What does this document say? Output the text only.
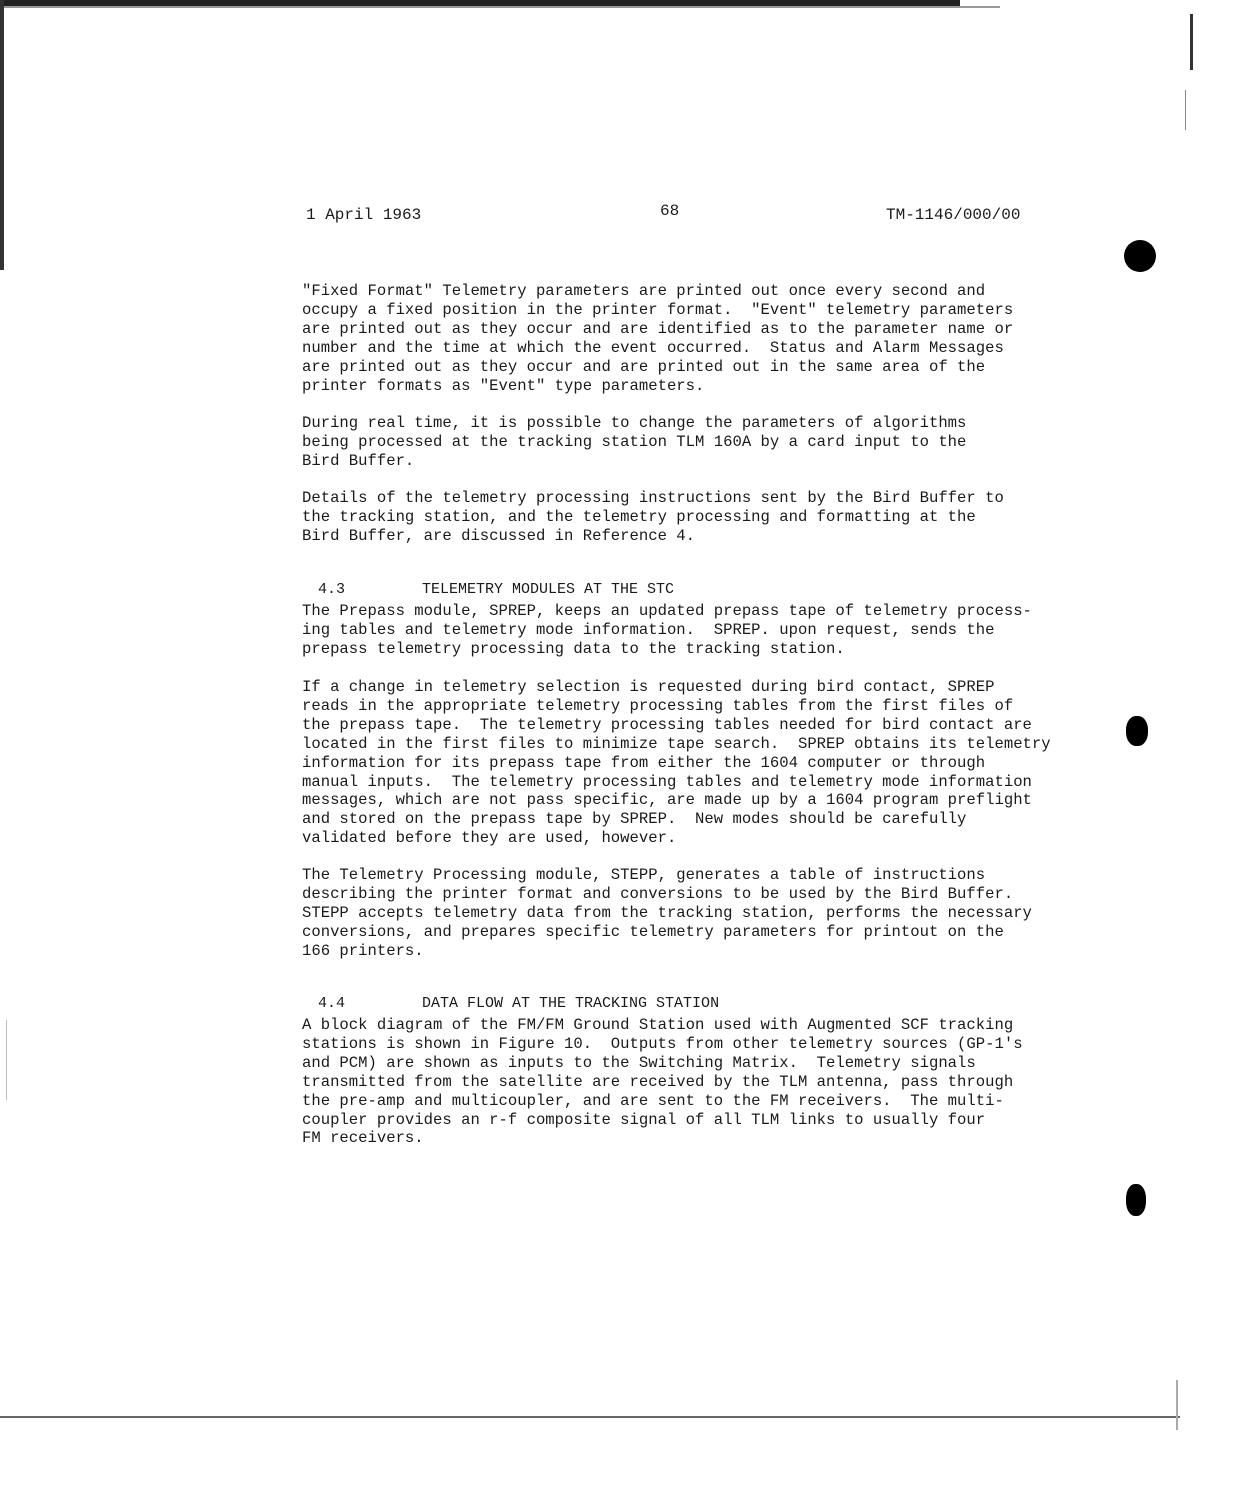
1 April 1963	68	TM-1146/000/00

"Fixed Format" Telemetry parameters are printed out once every second and
occupy a fixed position in the printer format.  "Event" telemetry parameters
are printed out as they occur and are identified as to the parameter name or
number and the time at which the event occurred.  Status and Alarm Messages
are printed out as they occur and are printed out in the same area of the
printer formats as "Event" type parameters.

During real time, it is possible to change the parameters of algorithms
being processed at the tracking station TLM 160A by a card input to the
Bird Buffer.

Details of the telemetry processing instructions sent by the Bird Buffer to
the tracking station, and the telemetry processing and formatting at the
Bird Buffer, are discussed in Reference 4.

4.3	TELEMETRY MODULES AT THE STC

The Prepass module, SPREP, keeps an updated prepass tape of telemetry process-
ing tables and telemetry mode information.  SPREP. upon request, sends the
prepass telemetry processing data to the tracking station.

If a change in telemetry selection is requested during bird contact, SPREP
reads in the appropriate telemetry processing tables from the first files of
the prepass tape.  The telemetry processing tables needed for bird contact are
located in the first files to minimize tape search.  SPREP obtains its telemetry
information for its prepass tape from either the 1604 computer or through
manual inputs.  The telemetry processing tables and telemetry mode information
messages, which are not pass specific, are made up by a 1604 program preflight
and stored on the prepass tape by SPREP.  New modes should be carefully
validated before they are used, however.

The Telemetry Processing module, STEPP, generates a table of instructions
describing the printer format and conversions to be used by the Bird Buffer.
STEPP accepts telemetry data from the tracking station, performs the necessary
conversions, and prepares specific telemetry parameters for printout on the
166 printers.

4.4	DATA FLOW AT THE TRACKING STATION

A block diagram of the FM/FM Ground Station used with Augmented SCF tracking
stations is shown in Figure 10.  Outputs from other telemetry sources (GP-1's
and PCM) are shown as inputs to the Switching Matrix.  Telemetry signals
transmitted from the satellite are received by the TLM antenna, pass through
the pre-amp and multicoupler, and are sent to the FM receivers.  The multi-
coupler provides an r-f composite signal of all TLM links to usually four
FM receivers.
